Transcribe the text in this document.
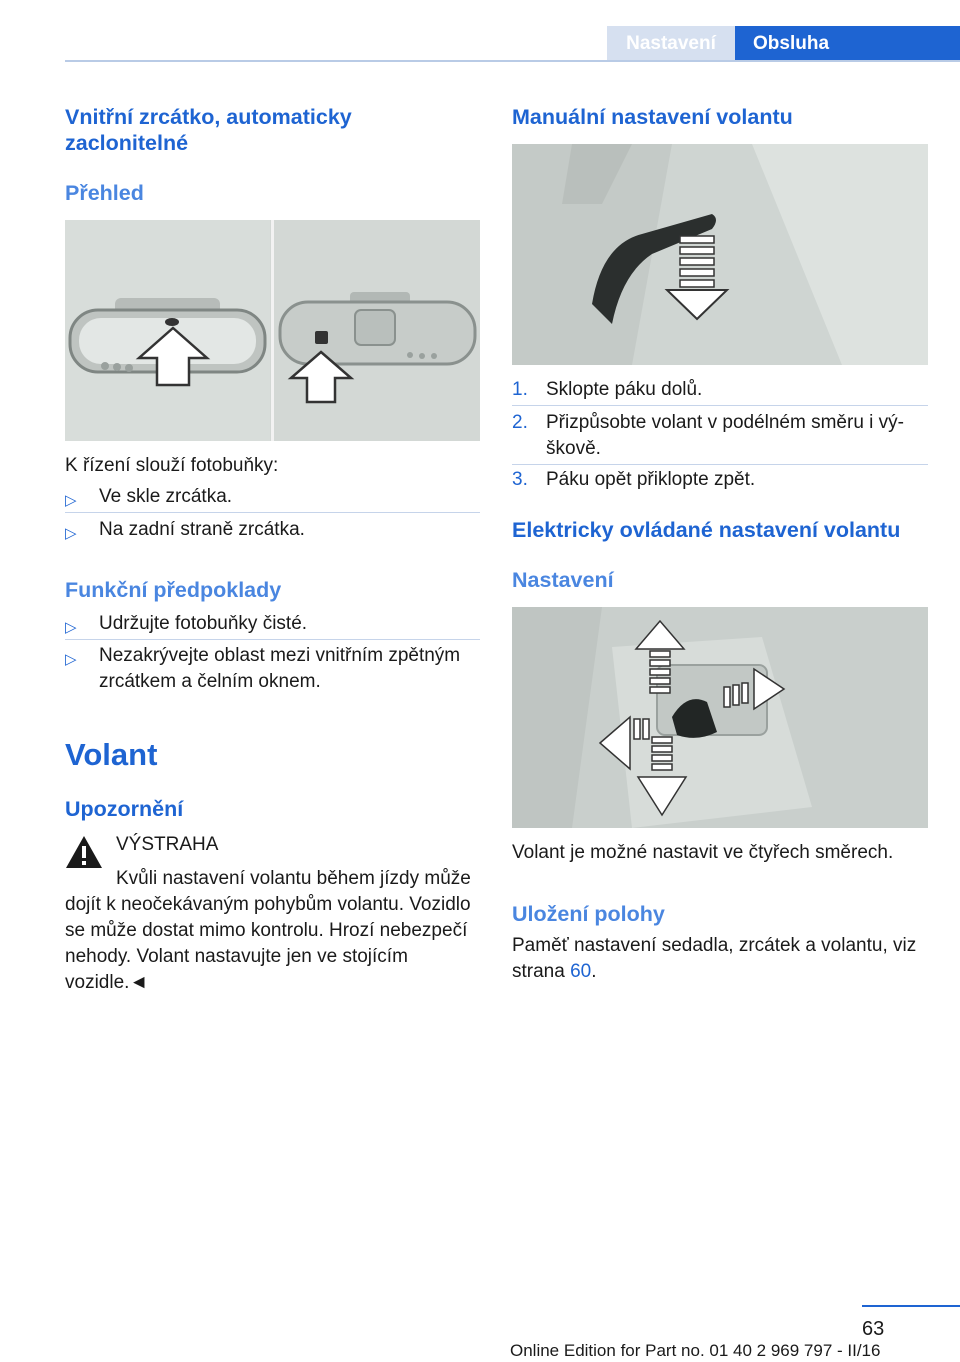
Nastavení Obsluha
Vnitřní zrcátko, automaticky zaclonitelné
Přehled

K řízení slouží fotobuňky:

▷ Ve skle zrcátka.
▷ Na zadní straně zrcátka.
Funkční předpoklady
▷ Udržujte fotobuňky čisté.
▷ Nezakrývejte oblast mezi vnitřním zpětným zrcátkem a čelním oknem.
Volant
Upozornění

VÝSTRAHA

Kvůli nastavení volantu během jízdy může dojít k neočekávaným pohybům volantu. Vozidlo se může dostat mimo kontrolu. Hrozí nebezpečí nehody. Volant nastavujte jen ve stojícím vozidle.◄

Manuální nastavení volantu
1. Sklopte páku dolů.
2. Přizpůsobte volant v podélném směru i vý-
škově.
3. Páku opět přiklopte zpět.
Elektricky ovládané nastavení volantu
Nastavení

Volant je možné nastavit ve čtyřech směrech.

Uložení polohy

Paměť nastavení sedadla, zrcátek a volantu, viz

strana 60.

63
Online Edition for Part no. 01 40 2 969 797 - II/16
